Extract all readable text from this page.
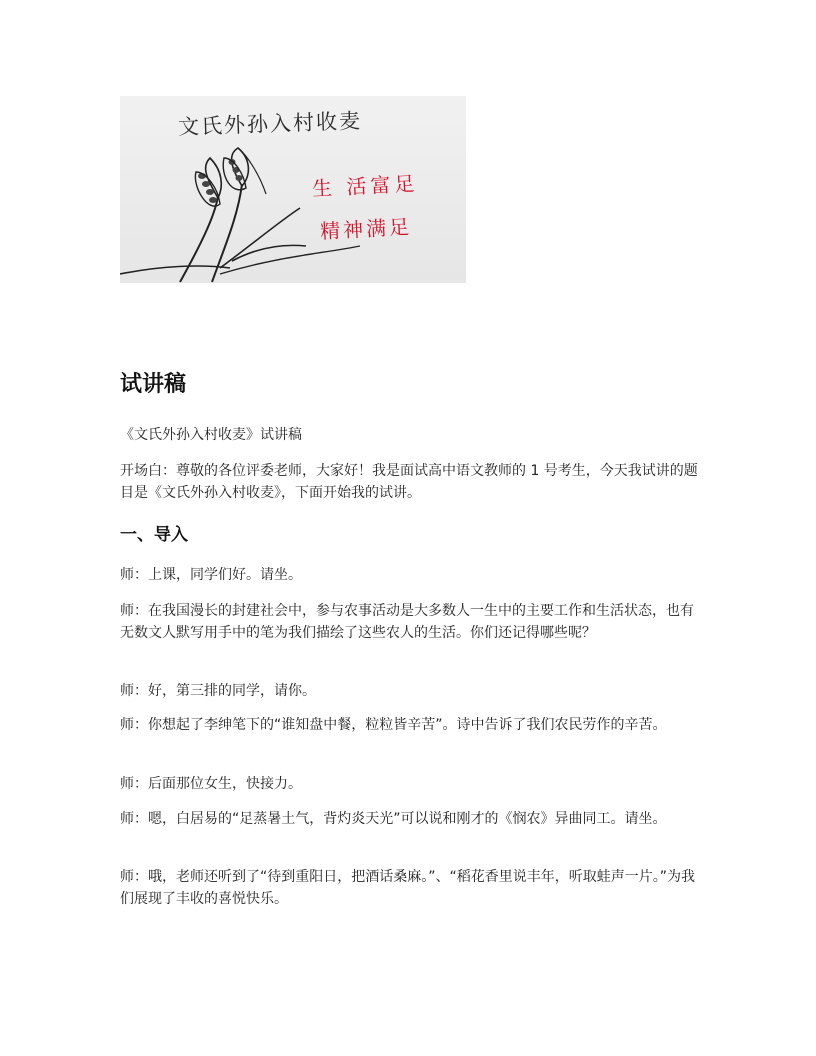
文氏外孙入村收麦
生 活富足
精神满足
试讲稿
《文氏外孙入村收麦》试讲稿
开场白：尊敬的各位评委老师，大家好！我是面试高中语文教师的 1 号考生，今天我试讲的题目是《文氏外孙入村收麦》，下面开始我的试讲。
一、导入
师：上课，同学们好。请坐。
师：在我国漫长的封建社会中，参与农事活动是大多数人一生中的主要工作和生活状态，也有无数文人默写用手中的笔为我们描绘了这些农人的生活。你们还记得哪些呢？
师：好，第三排的同学，请你。
师：你想起了李绅笔下的“谁知盘中餐，粒粒皆辛苦”。诗中告诉了我们农民劳作的辛苦。
师：后面那位女生，快接力。
师：嗯，白居易的“足蒸暑土气，背灼炎天光”可以说和刚才的《悯农》异曲同工。请坐。
师：哦，老师还听到了“待到重阳日，把酒话桑麻。”、“稻花香里说丰年，听取蛙声一片。”为我们展现了丰收的喜悦快乐。
